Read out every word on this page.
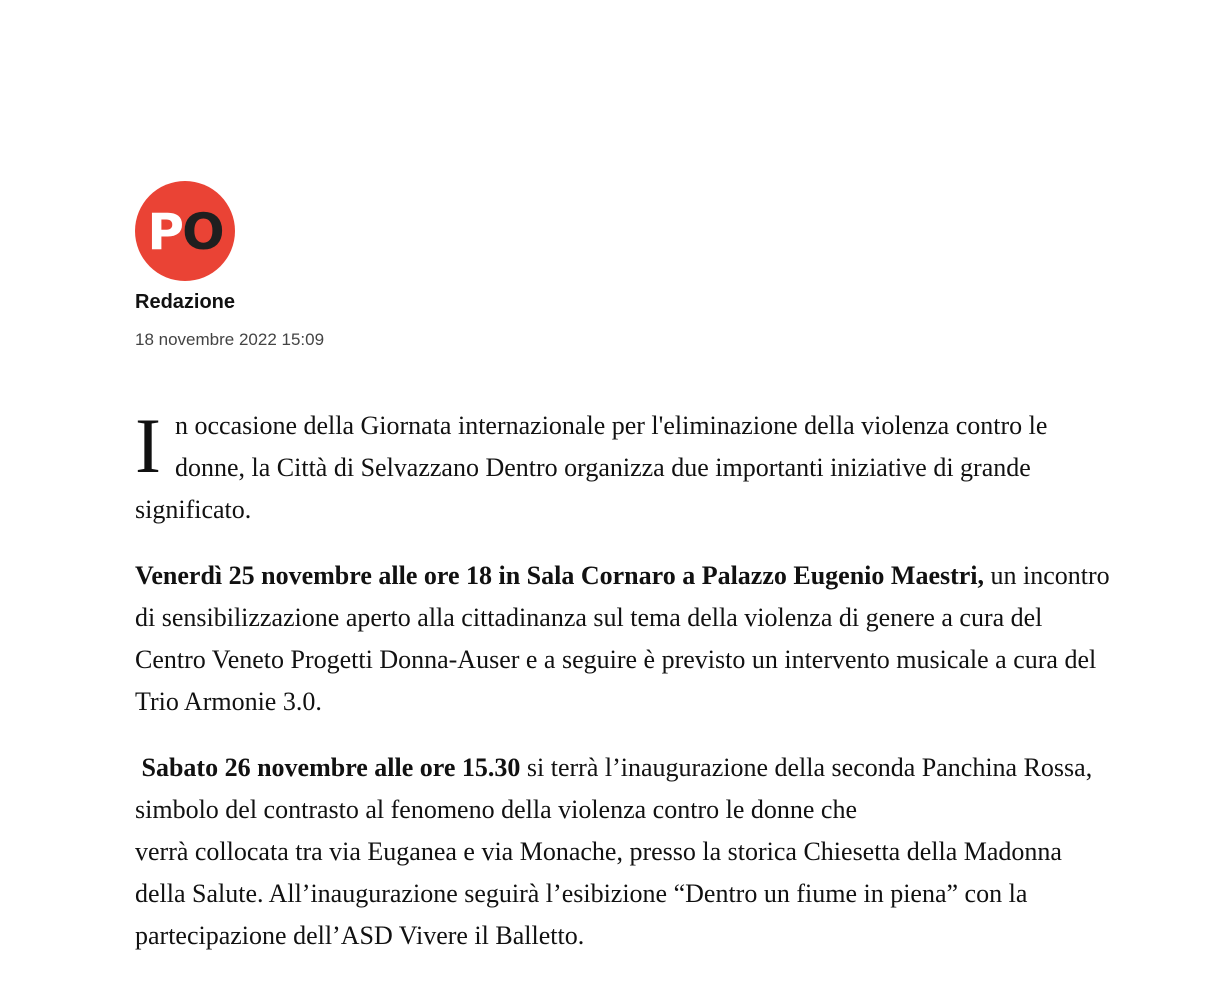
PO
Redazione
18 novembre 2022 15:09

In occasione della Giornata internazionale per l'eliminazione della violenza contro le donne, la Città di Selvazzano Dentro organizza due importanti iniziative di grande significato.

Venerdì 25 novembre alle ore 18 in Sala Cornaro a Palazzo Eugenio Maestri, un incontro di sensibilizzazione aperto alla cittadinanza sul tema della violenza di genere a cura del Centro Veneto Progetti Donna-Auser e a seguire è previsto un intervento musicale a cura del Trio Armonie 3.0.

Sabato 26 novembre alle ore 15.30 si terrà l’inaugurazione della seconda Panchina Rossa, simbolo del contrasto al fenomeno della violenza contro le donne che
verrà collocata tra via Euganea e via Monache, presso la storica Chiesetta della Madonna della Salute. All’inaugurazione seguirà l’esibizione “Dentro un fiume in piena” con la partecipazione dell’ASD Vivere il Balletto.
